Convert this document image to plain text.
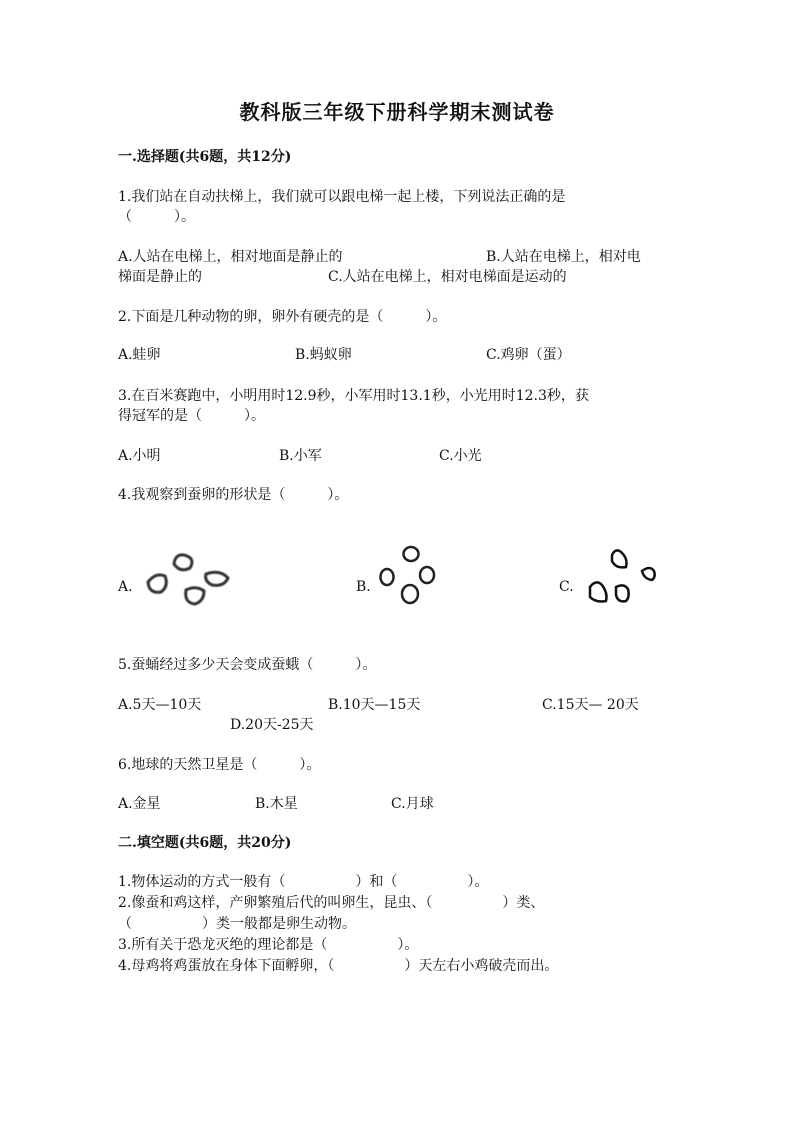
教科版三年级下册科学期末测试卷
一.选择题(共6题，共12分)
1.我们站在自动扶梯上，我们就可以跟电梯一起上楼，下列说法正确的是
（　　　）。
A.人站在电梯上，相对地面是静止的	B.人站在电梯上，相对电
梯面是静止的	C.人站在电梯上，相对电梯面是运动的
2.下面是几种动物的卵，卵外有硬壳的是（　　　）。
A.蛙卵	B.蚂蚁卵	C.鸡卵（蛋）
3.在百米赛跑中，小明用时12.9秒，小军用时13.1秒，小光用时12.3秒，获
得冠军的是（　　　）。
A.小明	B.小军	C.小光
4.我观察到蚕卵的形状是（　　　）。
A.	B.	C.
5.蚕蛹经过多少天会变成蚕蛾（　　　）。
A.5天—10天	B.10天—15天	C.15天— 20天
D.20天-25天
6.地球的天然卫星是（　　　）。
A.金星	B.木星	C.月球
二.填空题(共6题，共20分)
1.物体运动的方式一般有（　　　　　）和（　　　　　）。
2.像蚕和鸡这样，产卵繁殖后代的叫卵生，昆虫、（　　　　　）类、
（　　　　　）类一般都是卵生动物。
3.所有关于恐龙灭绝的理论都是（　　　　　）。
4.母鸡将鸡蛋放在身体下面孵卵，（　　　　　）天左右小鸡破壳而出。
